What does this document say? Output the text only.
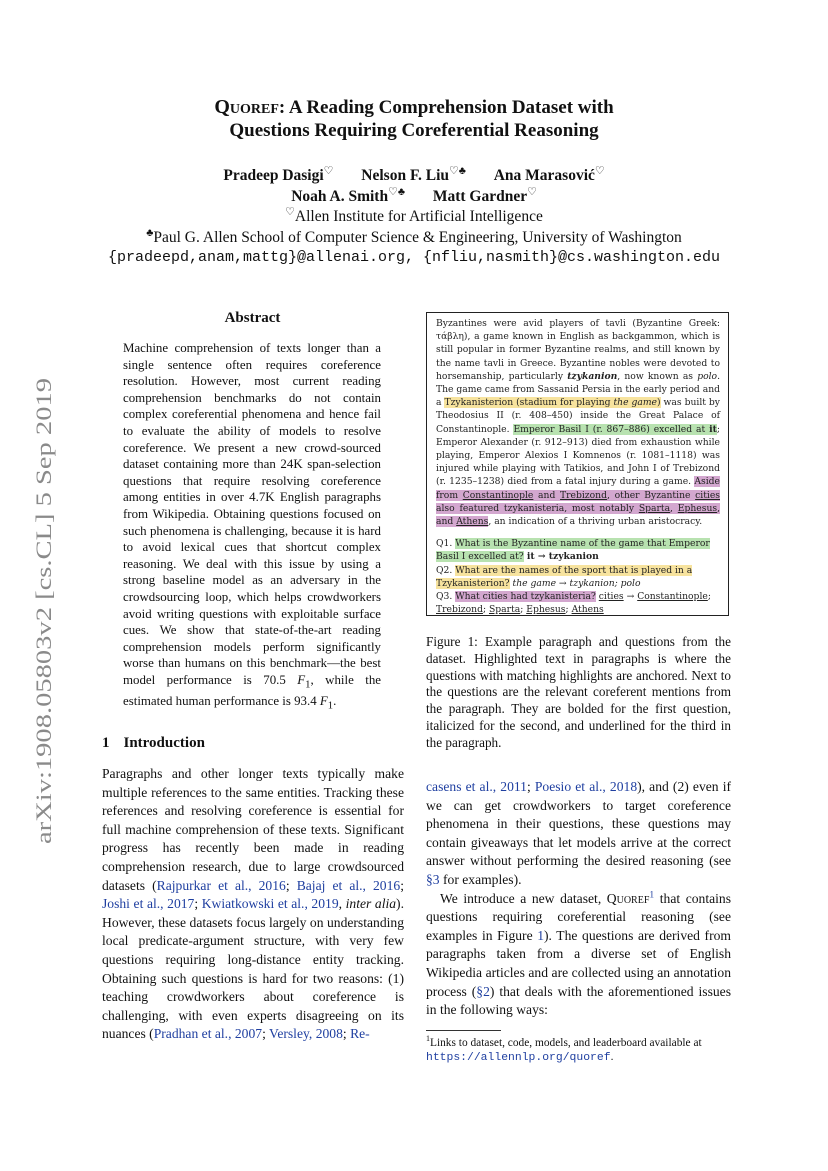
arXiv:1908.05803v2 [cs.CL] 5 Sep 2019
Quoref: A Reading Comprehension Dataset with
Questions Requiring Coreferential Reasoning
Pradeep Dasigi♡ Nelson F. Liu♡♣ Ana Marasović♡
Noah A. Smith♡♣ Matt Gardner♡
♡Allen Institute for Artificial Intelligence
♣Paul G. Allen School of Computer Science & Engineering, University of Washington
{pradeepd,anam,mattg}@allenai.org, {nfliu,nasmith}@cs.washington.edu
Abstract
Machine comprehension of texts longer than a single sentence often requires coreference resolution. However, most current reading comprehension benchmarks do not contain complex coreferential phenomena and hence fail to evaluate the ability of models to resolve coreference. We present a new crowd-sourced dataset containing more than 24K span-selection questions that require resolving coreference among entities in over 4.7K English paragraphs from Wikipedia. Obtaining questions focused on such phenomena is challenging, because it is hard to avoid lexical cues that shortcut complex reasoning. We deal with this issue by using a strong baseline model as an adversary in the crowdsourcing loop, which helps crowdworkers avoid writing questions with exploitable surface cues. We show that state-of-the-art reading comprehension models perform significantly worse than humans on this benchmark—the best model performance is 70.5 $F_1$, while the estimated human performance is 93.4 $F_1$.
1 Introduction
Paragraphs and other longer texts typically make multiple references to the same entities. Tracking these references and resolving coreference is essential for full machine comprehension of these texts. Significant progress has recently been made in reading comprehension research, due to large crowdsourced datasets (Rajpurkar et al., 2016; Bajaj et al., 2016; Joshi et al., 2017; Kwiatkowski et al., 2019, inter alia). However, these datasets focus largely on understanding local predicate-argument structure, with very few questions requiring long-distance entity tracking. Obtaining such questions is hard for two reasons: (1) teaching crowdworkers about coreference is challenging, with even experts disagreeing on its nuances (Pradhan et al., 2007; Versley, 2008; Re-

casens et al., 2011; Poesio et al., 2018), and (2) even if we can get crowdworkers to target coreference phenomena in their questions, these questions may contain giveaways that let models arrive at the correct answer without performing the desired reasoning (see §3 for examples).

We introduce a new dataset, Quoref$^1$ that contains questions requiring coreferential reasoning (see examples in Figure 1). The questions are derived from paragraphs taken from a diverse set of English Wikipedia articles and are collected using an annotation process (§2) that deals with the aforementioned issues in the following ways:

Byzantines were avid players of tavli (Byzantine Greek: τάβλη), a game known in English as backgammon, which is still popular in former Byzantine realms, and still known by the name tavli in Greece. Byzantine nobles were devoted to horsemanship, particularly tzykanion, now known as polo. The game came from Sassanid Persia in the early period and a Tzykanisterion (stadium for playing the game) was built by Theodosius II (r. 408–450) inside the Great Palace of Constantinople. Emperor Basil I (r. 867–886) excelled at it; Emperor Alexander (r. 912–913) died from exhaustion while playing, Emperor Alexios I Komnenos (r. 1081–1118) was injured while playing with Tatikios, and John I of Trebizond (r. 1235–1238) died from a fatal injury during a game. Aside from Constantinople and Trebizond, other Byzantine cities also featured tzykanisteria, most notably Sparta, Ephesus, and Athens, an indication of a thriving urban aristocracy.

Q1. What is the Byzantine name of the game that Emperor Basil I excelled at? it → tzykanion
Q2. What are the names of the sport that is played in a Tzykanisterion? the game → tzykanion; polo
Q3. What cities had tzykanisteria? cities → Constantinople; Trebizond; Sparta; Ephesus; Athens

Figure 1: Example paragraph and questions from the dataset. Highlighted text in paragraphs is where the questions with matching highlights are anchored. Next to the questions are the relevant coreferent mentions from the paragraph. They are bolded for the first question, italicized for the second, and underlined for the third in the paragraph.
$^1$Links to dataset, code, models, and leaderboard available at https://allennlp.org/quoref.
